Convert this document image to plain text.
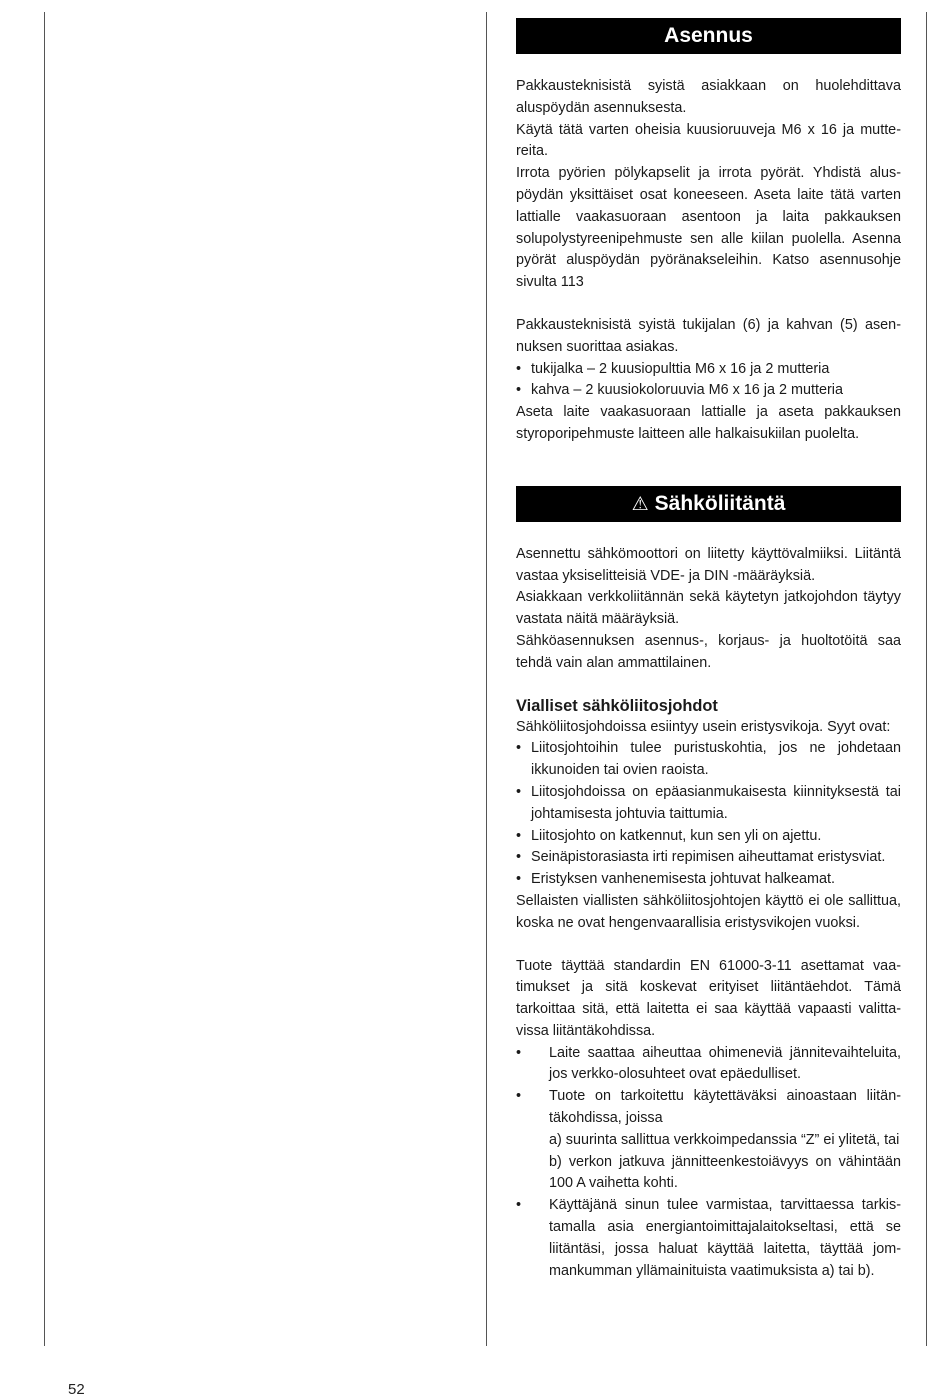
Asennus

Pakkausteknisistä syistä asiakkaan on huolehdittava aluspöydän asennuksesta.

Käytä tätä varten oheisia kuusioruuveja M6 x 16 ja muttereita.

Irrota pyörien pölykapselit ja irrota pyörät. Yhdistä aluspöydän yksittäiset osat koneeseen. Aseta laite tätä varten lattialle vaakasuoraan asentoon ja laita pakkauksen solupolystyreenipehmuste sen alle kiilan puolella. Asenna pyörät aluspöydän pyöränakseleihin. Katso asennusohje sivulta 113

Pakkausteknisistä syistä tukijalan (6) ja kahvan (5) asennuksen suorittaa asiakas.

• tukijalka – 2 kuusiopulttia M6 x 16 ja 2 mutteria
• kahva – 2 kuusiokoloruuvia M6 x 16 ja 2 mutteria

Aseta laite vaakasuoraan lattialle ja aseta pakkauksen styroporipehmuste laitteen alle halkaisukiilan puolelta.

⚠ Sähköliitäntä

Asennettu sähkömoottori on liitetty käyttövalmiiksi. Liitäntä vastaa yksiselitteisiä VDE- ja DIN -määräyksiä.

Asiakkaan verkkoliitännän sekä käytetyn jatkojohdon täytyy vastata näitä määräyksiä.

Sähköasennuksen asennus-, korjaus- ja huoltotöitä saa tehdä vain alan ammattilainen.

Vialliset sähköliitosjohdot

Sähköliitosjohdoissa esiintyy usein eristysvikoja. Syyt ovat:

• Liitosjohtoihin tulee puristuskohtia, jos ne johdetaan ikkunoiden tai ovien raoista.
• Liitosjohdoissa on epäasianmukaisesta kiinnityksestä tai johtamisesta johtuvia taittumia.
• Liitosjohto on katkennut, kun sen yli on ajettu.
• Seinäpistorasiasta irti repimisen aiheuttamat eristysviat.
• Eristyksen vanhenemisesta johtuvat halkeamat.

Sellaisten viallisten sähköliitosjohtojen käyttö ei ole sallittua, koska ne ovat hengenvaarallisia eristysvikojen vuoksi.

Tuote täyttää standardin EN 61000-3-11 asettamat vaatimukset ja sitä koskevat erityiset liitäntäehdot. Tämä tarkoittaa sitä, että laitetta ei saa käyttää vapaasti valittavissa liitäntäkohdissa.

• Laite saattaa aiheuttaa ohimeneviä jännitevaihteluita, jos verkko-olosuhteet ovat epäedulliset.
• Tuote on tarkoitettu käytettäväksi ainoastaan liitäntäkohdissa, joissa
a) suurinta sallittua verkkoimpedanssia “Z” ei ylitetä, tai
b) verkon jatkuva jännitteenkestoiävyys on vähintään 100 A vaihetta kohti.
• Käyttäjänä sinun tulee varmistaa, tarvittaessa tarkistamalla asia energiantoimittajalaitokseltasi, että se liitäntäsi, jossa haluat käyttää laitetta, täyttää jommankumman yllämainituista vaatimuksista a) tai b).
52
